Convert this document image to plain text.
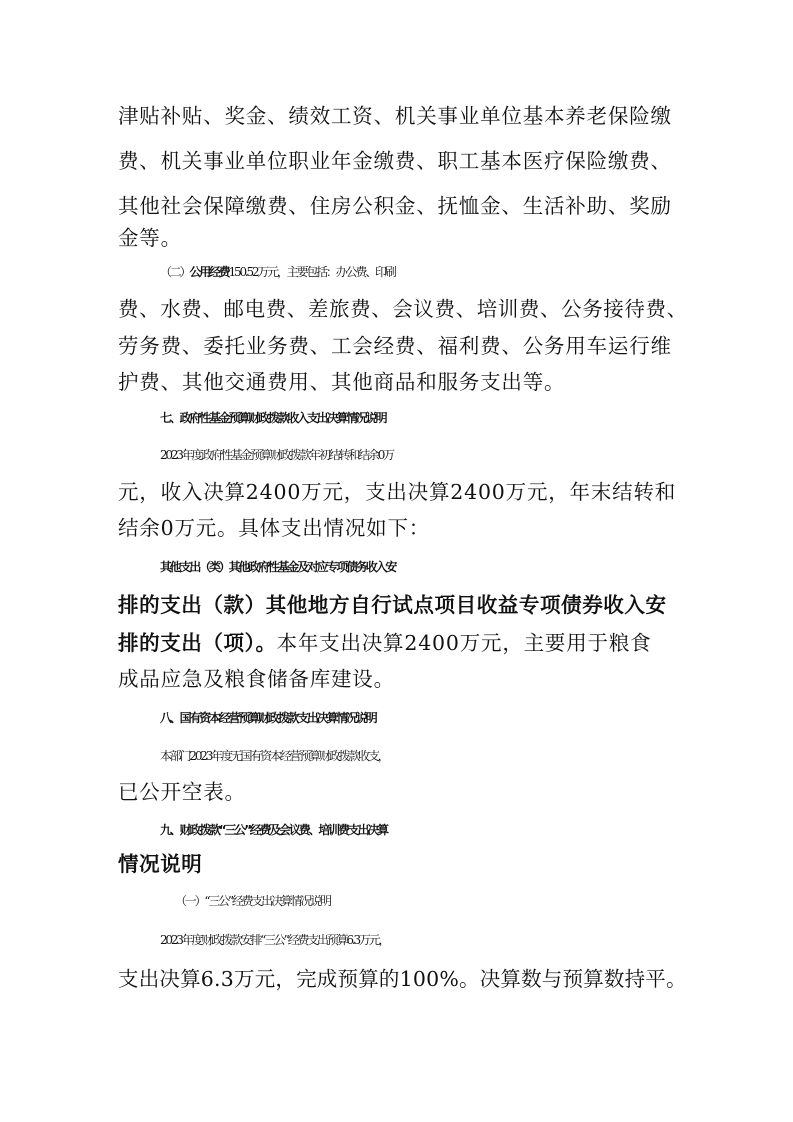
津贴补贴、奖金、绩效工资、机关事业单位基本养老保险缴
费、机关事业单位职业年金缴费、职工基本医疗保险缴费、
其他社会保障缴费、住房公积金、抚恤金、生活补助、奖励
金等。
（二）公用经费150.52万元，主要包括：办公费、印刷
费、水费、邮电费、差旅费、会议费、培训费、公务接待费、
劳务费、委托业务费、工会经费、福利费、公务用车运行维
护费、其他交通费用、其他商品和服务支出等。
七、政府性基金预算财政拨款收入支出决算情况说明
2023年度政府性基金预算财政拨款年初结转和结余0万
元，收入决算2400万元，支出决算2400万元，年末结转和
结余0万元。具体支出情况如下：
其他支出（类）其他政府性基金及对应专项债务收入安
排的支出（款）其他地方自行试点项目收益专项债券收入安
排的支出（项）。本年支出决算2400万元，主要用于粮食
成品应急及粮食储备库建设。
八、国有资本经营预算财政拨款支出决算情况说明
本部门2023年度无国有资本经营预算财政拨款收支，
已公开空表。
九、财政拨款“三公”经费及会议费、培训费支出决算
情况说明
（一）“三公”经费支出决算情况说明
2023年度财政拨款安排“三公”经费支出预算6.3万元，
支出决算6.3万元，完成预算的100%。决算数与预算数持平。
